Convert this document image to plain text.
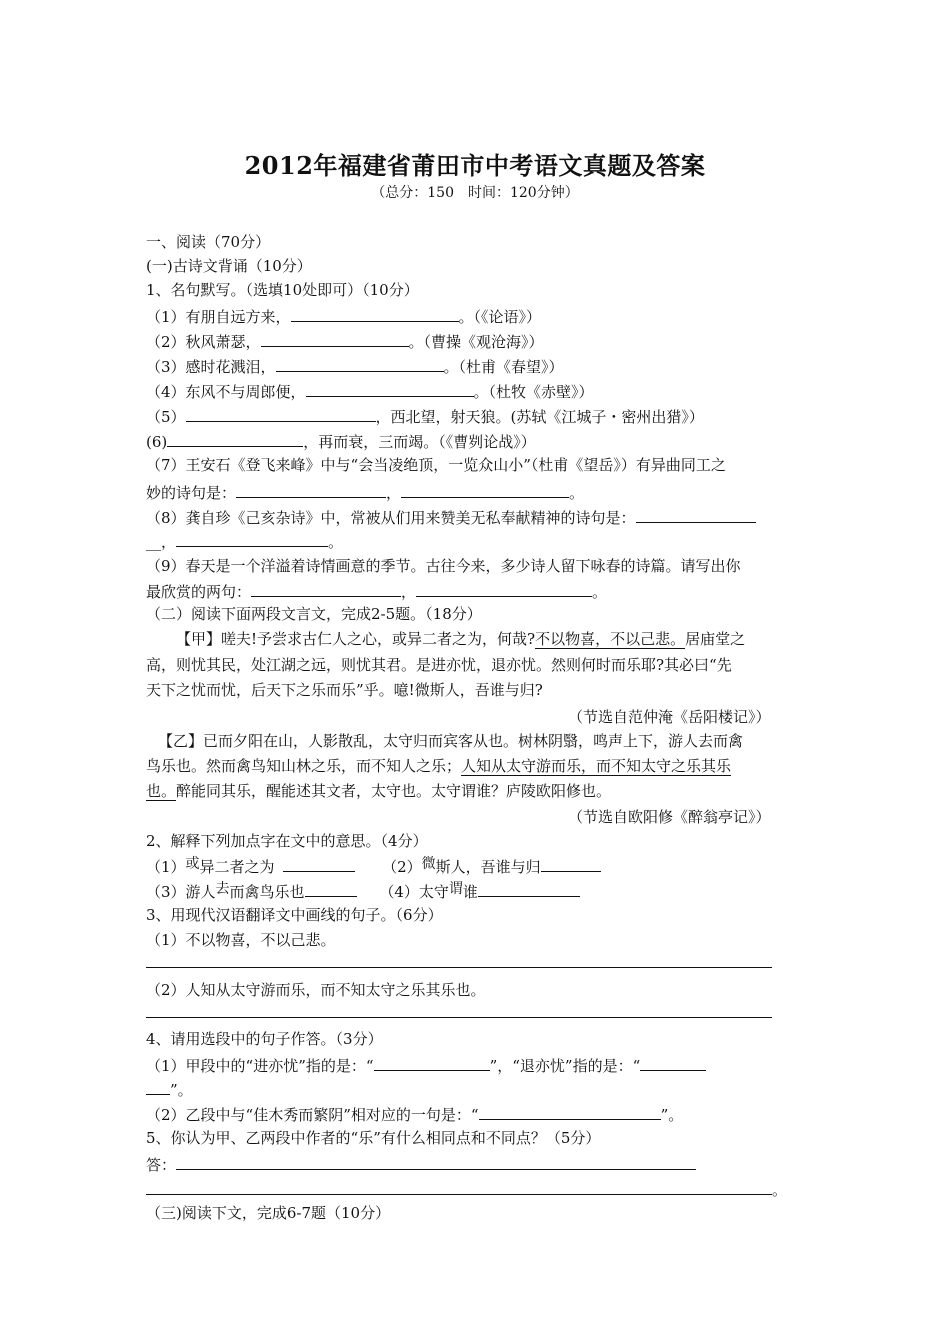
2012年福建省莆田市中考语文真题及答案
（总分：150　时间：120分钟）
一、阅读（70分）
(一)古诗文背诵（10分）
1、名句默写。（选填10处即可）（10分）
（1）有朋自远方来，	。（《论语》）
（2）秋风萧瑟，	。（曹操《观沧海》）
（3）感时花溅泪，	。（杜甫《春望》）
（4）东风不与周郎便，	。（杜牧《赤壁》）
（5）	，西北望，射天狼。(苏轼《江城子・密州出猎》）
(6)	，再而衰，三而竭。（《曹刿论战》）
（7）王安石《登飞来峰》中与“会当凌绝顶，一览众山小”（杜甫《望岳》）有异曲同工之
妙的诗句是：	，	。
（8）龚自珍《己亥杂诗》中，常被从们用来赞美无私奉献精神的诗句是：
__，	。
（9）春天是一个洋溢着诗情画意的季节。古往今来，多少诗人留下咏春的诗篇。请写出你
最欣赏的两句：	，	。
（二）阅读下面两段文言文，完成2-5题。（18分）
【甲】嗟夫!予尝求古仁人之心，或异二者之为，何哉?不以物喜，不以己悲。居庙堂之
高，则忧其民，处江湖之远，则忧其君。是进亦忧，退亦忧。然则何时而乐耶?其必曰“先
天下之忧而忧，后天下之乐而乐”乎。噫!微斯人，吾谁与归?
（节选自范仲淹《岳阳楼记》）
【乙】已而夕阳在山，人影散乱，太守归而宾客从也。树林阴翳，鸣声上下，游人去而禽
鸟乐也。然而禽鸟知山林之乐，而不知人之乐；人知从太守游而乐，而不知太守之乐其乐
也。醉能同其乐，醒能述其文者，太守也。太守谓谁？庐陵欧阳修也。
（节选自欧阳修《醉翁亭记》）
2、解释下列加点字在文中的意思。（4分）
（1）或异二者之为	（2）微斯人，吾谁与归
（3）游人去而禽鸟乐也	（4）太守谓谁
3、用现代汉语翻译文中画线的句子。（6分）
（1）不以物喜，不以己悲。
（2）人知从太守游而乐，而不知太守之乐其乐也。
4、请用选段中的句子作答。（3分）
（1）甲段中的“进亦忧”指的是：“	”，“退亦忧”指的是：“
”。
（2）乙段中与“佳木秀而繁阴”相对应的一句是：“	”。
5、你认为甲、乙两段中作者的“乐”有什么相同点和不同点？（5分）
答：
。
（三)阅读下文，完成6-7题（10分）
